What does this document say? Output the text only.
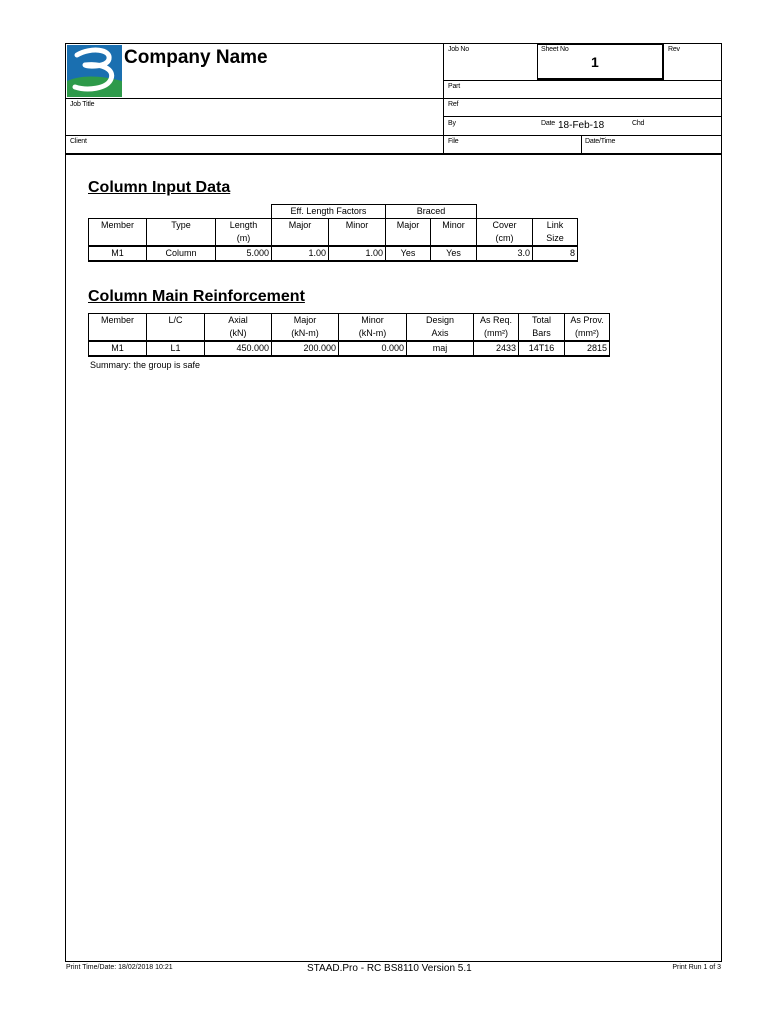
Company Name	Job No	Sheet No	Rev
1
Part
Job Title	Ref
By	Date 18-Feb-18	Chd
Client	File	Date/Time
Column Input Data
			Eff. Length Factors		Braced			
Member	Type	Length	Major	Minor	Major	Minor	Cover	Link
		(m)					(cm)	Size
M1	Column	5.000	1.00	1.00	Yes	Yes	3.0	8
Column Main Reinforcement
Member	L/C	Axial	Major	Minor	Design	As Req.	Total	As Prov.
		(kN)	(kN-m)	(kN-m)	Axis	(mm²)	Bars	(mm²)
M1	L1	450.000	200.000	0.000	maj	2433	14T16	2815
Summary: the group is safe
Print Time/Date: 18/02/2018 10:21	STAAD.Pro - RC BS8110 Version 5.1	Print Run 1 of 3
